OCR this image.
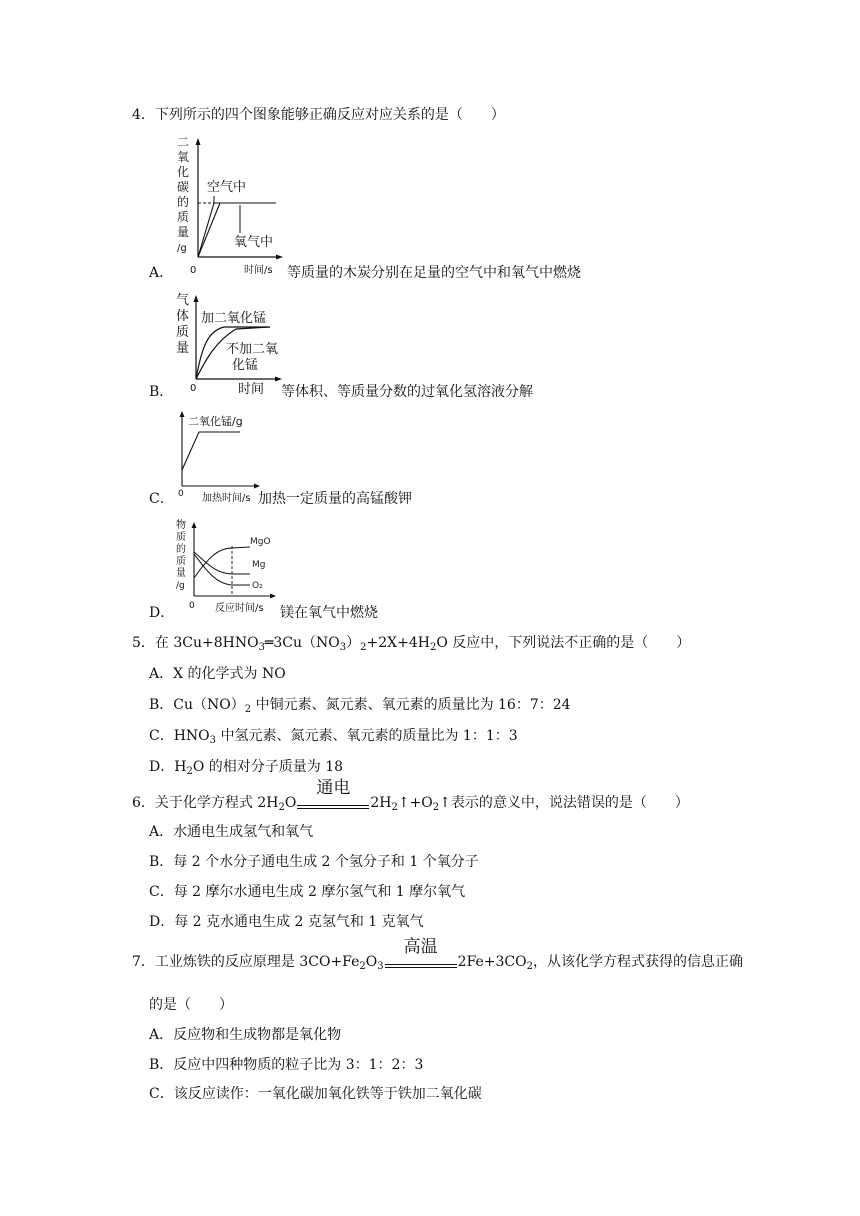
4．下列所示的四个图象能够正确反应对应关系的是（　　）
二
氧
化
碳
的
质
量
/g
空气中
氧气中
0	时间/s
A．	等质量的木炭分别在足量的空气中和氧气中燃烧
气
体
质
量
加二氧化锰
不加二氧
化锰
0	时间
B．	等体积、等质量分数的过氧化氢溶液分解
二氧化锰/g
0 加热时间/s
C．	加热一定质量的高锰酸钾
物
质
的
质
量
/g
MgO
Mg
O₂
0 反应时间/s
D．	镁在氧气中燃烧
5．在 $3Cu+8HNO_3═3Cu(NO_3)_2+2X+4H_2O$ 反应中，下列说法不正确的是（　　）
A．X 的化学式为 NO
B．$Cu(NO)_2$ 中铜元素、氮元素、氧元素的质量比为 16：7：24
C．$HNO_3$ 中氢元素、氮元素、氧元素的质量比为 1：1：3
D．$H_2O$ 的相对分子质量为 18
6．关于化学方程式 $2H_2O$
通电
$2H_2↑+O_2↑$表示的意义中，说法错误的是（　　）
A．水通电生成氢气和氧气
B．每 2 个水分子通电生成 2 个氢分子和 1 个氧分子
C．每 2 摩尔水通电生成 2 摩尔氢气和 1 摩尔氧气
D．每 2 克水通电生成 2 克氢气和 1 克氧气
7．工业炼铁的反应原理是 $3CO+Fe_2O_3$
高温
$2Fe+3CO_2$，从该化学方程式获得的信息正确
的是（　　）
A．反应物和生成物都是氧化物
B．反应中四种物质的粒子比为 3：1：2：3
C．该反应读作：一氧化碳加氧化铁等于铁加二氧化碳
